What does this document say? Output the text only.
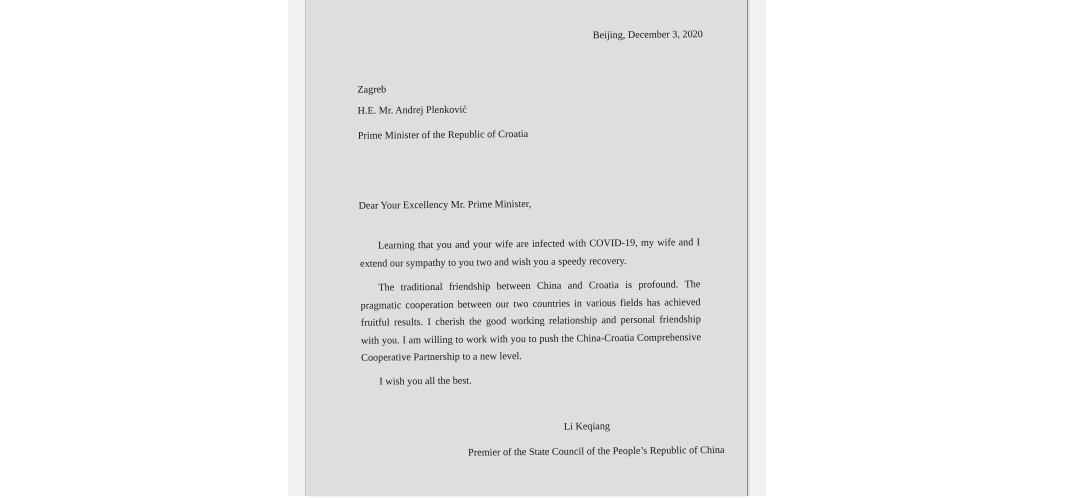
Beijing, December 3, 2020
Zagreb
H.E. Mr. Andrej Plenković
Prime Minister of the Republic of Croatia
Dear Your Excellency Mr. Prime Minister,
Learning that you and your wife are infected with COVID-19, my wife and I extend our sympathy to you two and wish you a speedy recovery.
The traditional friendship between China and Croatia is profound. The pragmatic cooperation between our two countries in various fields has achieved fruitful results. I cherish the good working relationship and personal friendship with you. I am willing to work with you to push the China-Croatia Comprehensive Cooperative Partnership to a new level.
I wish you all the best.
Li Keqiang
Premier of the State Council of the People’s Republic of China
